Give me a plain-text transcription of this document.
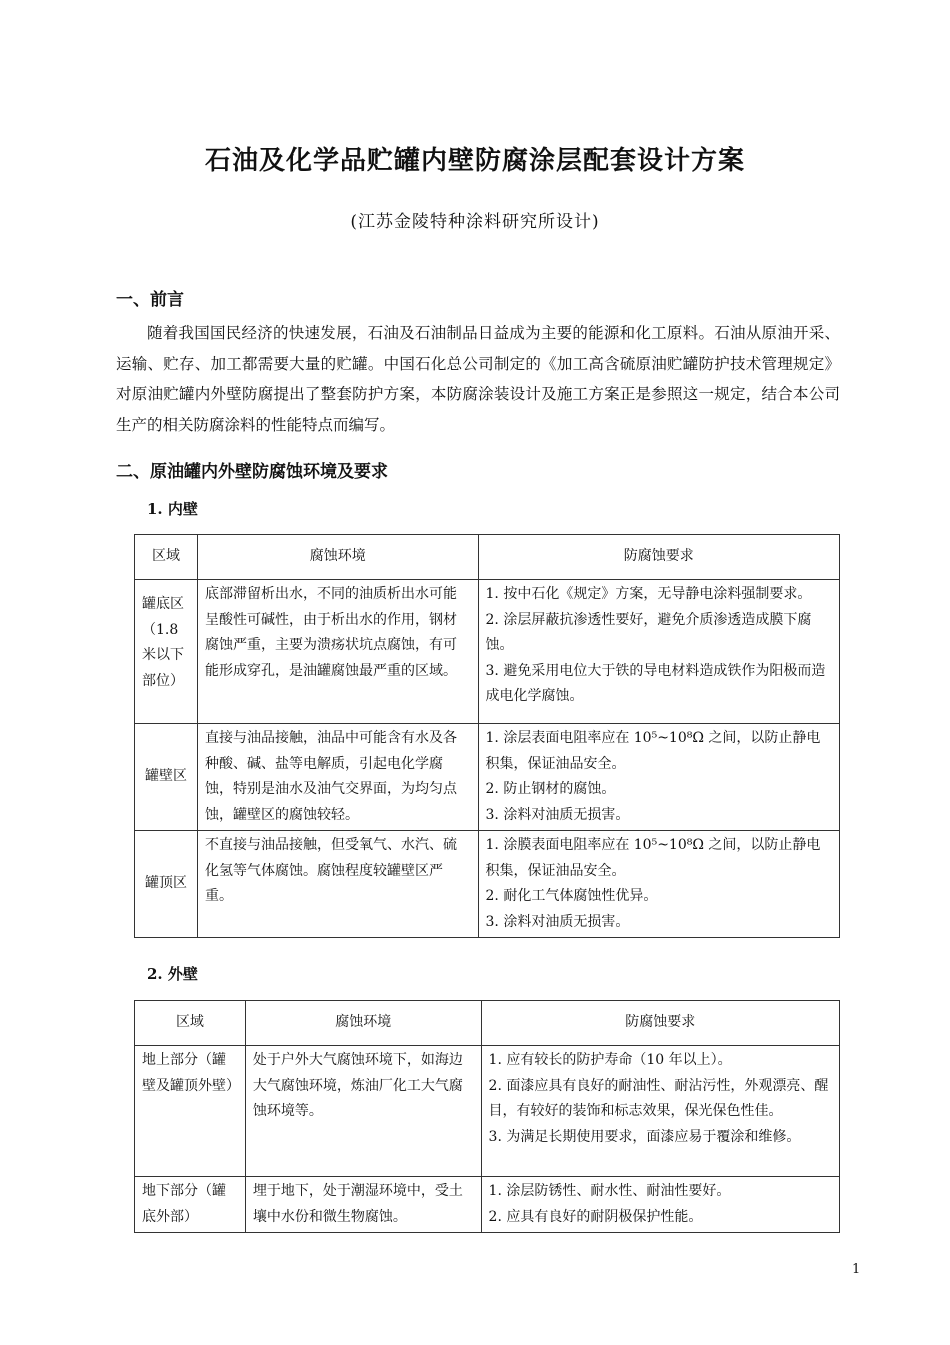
石油及化学品贮罐内壁防腐涂层配套设计方案
(江苏金陵特种涂料研究所设计)
一、前言
随着我国国民经济的快速发展，石油及石油制品日益成为主要的能源和化工原料。石油从原油开采、运输、贮存、加工都需要大量的贮罐。中国石化总公司制定的《加工高含硫原油贮罐防护技术管理规定》对原油贮罐内外壁防腐提出了整套防护方案，本防腐涂装设计及施工方案正是参照这一规定，结合本公司生产的相关防腐涂料的性能特点而编写。
二、原油罐内外壁防腐蚀环境及要求
1. 内壁
区域	腐蚀环境	防腐蚀要求
罐底区（1.8 米以下部位）	底部滞留析出水，不同的油质析出水可能呈酸性可碱性，由于析出水的作用，钢材腐蚀严重，主要为溃疡状坑点腐蚀，有可能形成穿孔，是油罐腐蚀最严重的区域。	1. 按中石化《规定》方案，无导静电涂料强制要求。
2. 涂层屏蔽抗渗透性要好，避免介质渗透造成膜下腐蚀。
3. 避免采用电位大于铁的导电材料造成铁作为阳极而造成电化学腐蚀。

罐壁区	直接与油品接触，油品中可能含有水及各种酸、碱、盐等电解质，引起电化学腐蚀，特别是油水及油气交界面，为均匀点蚀，罐壁区的腐蚀较轻。	1. 涂层表面电阻率应在 10⁵~10⁸Ω 之间，以防止静电积集，保证油品安全。
2. 防止钢材的腐蚀。
3. 涂料对油质无损害。

罐顶区	不直接与油品接触，但受氧气、水汽、硫化氢等气体腐蚀。腐蚀程度较罐壁区严重。	1. 涂膜表面电阻率应在 10⁵~10⁸Ω 之间，以防止静电积集，保证油品安全。
2. 耐化工气体腐蚀性优异。
3. 涂料对油质无损害。
2. 外壁
区域	腐蚀环境	防腐蚀要求
地上部分（罐壁及罐顶外壁）	处于户外大气腐蚀环境下，如海边大气腐蚀环境，炼油厂化工大气腐蚀环境等。	1. 应有较长的防护寿命（10 年以上）。
2. 面漆应具有良好的耐油性、耐沾污性，外观漂亮、醒目，有较好的装饰和标志效果，保光保色性佳。
3. 为满足长期使用要求，面漆应易于覆涂和维修。

地下部分（罐底外部）	埋于地下，处于潮湿环境中，受土壤中水份和微生物腐蚀。	1. 涂层防锈性、耐水性、耐油性要好。
2. 应具有良好的耐阴极保护性能。
1
